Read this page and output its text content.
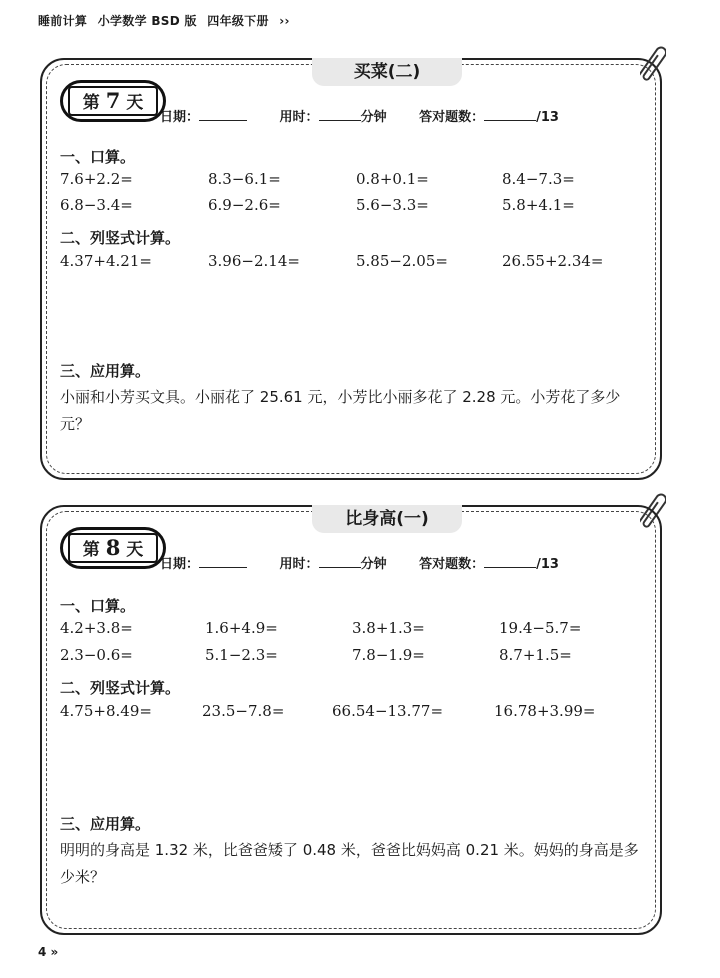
睡前计算 小学数学 BSD 版 四年级下册 ››
买菜(二)
第 7 天
日期：	用时：	分钟	答对题数：	/13
一、口算。
7.6+2.2=	8.3−6.1=	0.8+0.1=	8.4−7.3=
6.8−3.4=	6.9−2.6=	5.6−3.3=	5.8+4.1=
二、列竖式计算。
4.37+4.21=	3.96−2.14=	5.85−2.05=	26.55+2.34=
三、应用算。
小丽和小芳买文具。小丽花了 25.61 元，小芳比小丽多花了 2.28 元。小芳花了多少元？
比身高(一)
第 8 天
日期：	用时：	分钟	答对题数：	/13
一、口算。
4.2+3.8=	1.6+4.9=	3.8+1.3=	19.4−5.7=
2.3−0.6=	5.1−2.3=	7.8−1.9=	8.7+1.5=
二、列竖式计算。
4.75+8.49=	23.5−7.8=	66.54−13.77=	16.78+3.99=
三、应用算。
明明的身高是 1.32 米，比爸爸矮了 0.48 米，爸爸比妈妈高 0.21 米。妈妈的身高是多少米？
4 »
